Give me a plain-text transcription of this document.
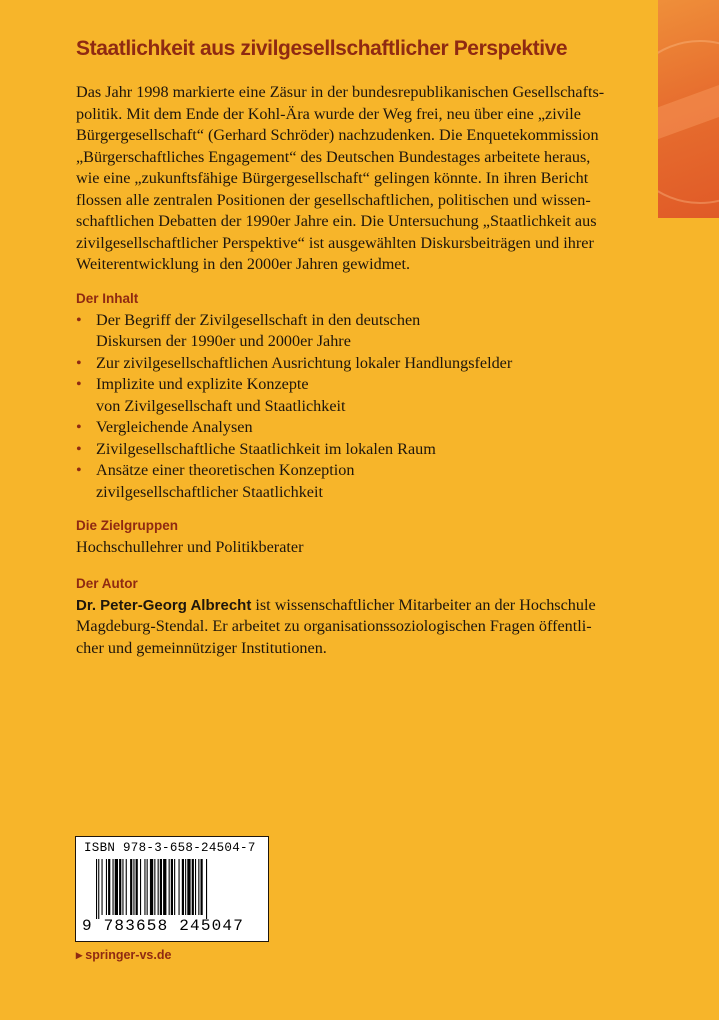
Staatlichkeit aus zivilgesellschaftlicher Perspektive
Das Jahr 1998 markierte eine Zäsur in der bundesrepublikanischen Gesellschafts-
politik. Mit dem Ende der Kohl-Ära wurde der Weg frei, neu über eine „zivile
Bürgergesellschaft“ (Gerhard Schröder) nachzudenken. Die Enquetekommission
„Bürgerschaftliches Engagement“ des Deutschen Bundestages arbeitete heraus,
wie eine „zukunftsfähige Bürgergesellschaft“ gelingen könnte. In ihren Bericht
flossen alle zentralen Positionen der gesellschaftlichen, politischen und wissen-
schaftlichen Debatten der 1990er Jahre ein. Die Untersuchung „Staatlichkeit aus
zivilgesellschaftlicher Perspektive“ ist ausgewählten Diskursbeiträgen und ihrer
Weiterentwicklung in den 2000er Jahren gewidmet.
Der Inhalt
• Der Begriff der Zivilgesellschaft in den deutschen
Diskursen der 1990er und 2000er Jahre
• Zur zivilgesellschaftlichen Ausrichtung lokaler Handlungsfelder
• Implizite und explizite Konzepte
von Zivilgesellschaft und Staatlichkeit
• Vergleichende Analysen
• Zivilgesellschaftliche Staatlichkeit im lokalen Raum
• Ansätze einer theoretischen Konzeption
zivilgesellschaftlicher Staatlichkeit
Die Zielgruppen
Hochschullehrer und Politikberater
Der Autor
Dr. Peter-Georg Albrecht ist wissenschaftlicher Mitarbeiter an der Hochschule
Magdeburg-Stendal. Er arbeitet zu organisationssoziologischen Fragen öffentli-
cher und gemeinnütziger Institutionen.
ISBN 978-3-658-24504-7
9 783658 245047
▸ springer-vs.de
